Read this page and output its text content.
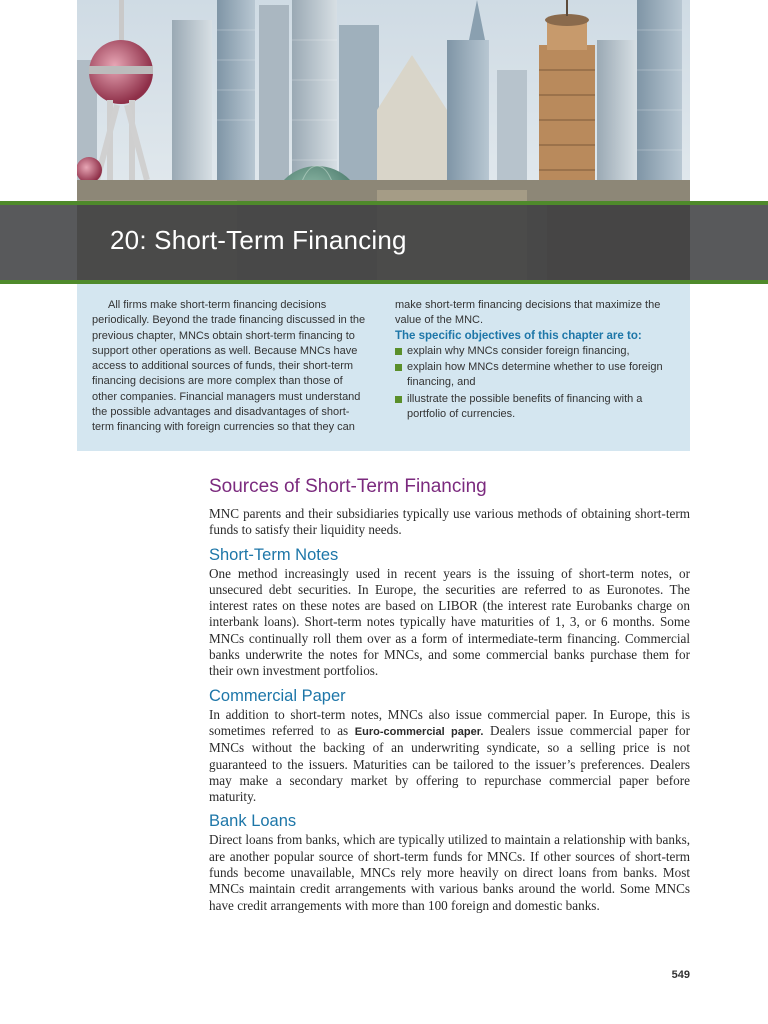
20: Short-Term Financing

All firms make short-term financing decisions periodically. Beyond the trade financing discussed in the previous chapter, MNCs obtain short-term financing to support other operations as well. Because MNCs have access to additional sources of funds, their short-term financing decisions are more complex than those of other companies. Financial managers must understand the possible advantages and disadvantages of short-term financing with foreign currencies so that they can

make short-term financing decisions that maximize the value of the MNC.

The specific objectives of this chapter are to:

explain why MNCs consider foreign financing,
explain how MNCs determine whether to use foreign financing, and
illustrate the possible benefits of financing with a portfolio of currencies.
Sources of Short-Term Financing

MNC parents and their subsidiaries typically use various methods of obtaining short-term funds to satisfy their liquidity needs.

Short-Term Notes

One method increasingly used in recent years is the issuing of short-term notes, or unsecured debt securities. In Europe, the securities are referred to as Euronotes. The interest rates on these notes are based on LIBOR (the interest rate Eurobanks charge on interbank loans). Short-term notes typically have maturities of 1, 3, or 6 months. Some MNCs continually roll them over as a form of intermediate-term financing. Commercial banks underwrite the notes for MNCs, and some commercial banks purchase them for their own investment portfolios.

Commercial Paper

In addition to short-term notes, MNCs also issue commercial paper. In Europe, this is sometimes referred to as Euro-commercial paper. Dealers issue commercial paper for MNCs without the backing of an underwriting syndicate, so a selling price is not guaranteed to the issuers. Maturities can be tailored to the issuer’s preferences. Dealers may make a secondary market by offering to repurchase commercial paper before maturity.

Bank Loans

Direct loans from banks, which are typically utilized to maintain a relationship with banks, are another popular source of short-term funds for MNCs. If other sources of short-term funds become unavailable, MNCs rely more heavily on direct loans from banks. Most MNCs maintain credit arrangements with various banks around the world. Some MNCs have credit arrangements with more than 100 foreign and domestic banks.

549
